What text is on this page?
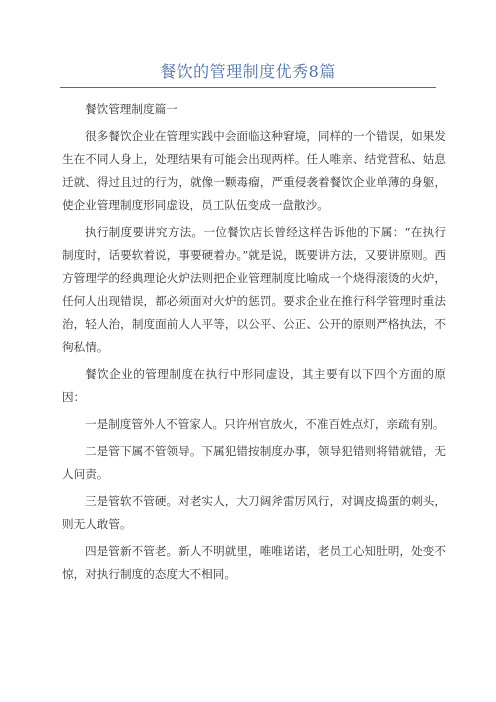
餐饮的管理制度优秀8篇

餐饮管理制度篇一

很多餐饮企业在管理实践中会面临这种窘境，同样的一个错误，如果发生在不同人身上，处理结果有可能会出现两样。任人唯亲、结党营私、姑息迁就、得过且过的行为，就像一颗毒瘤，严重侵袭着餐饮企业单薄的身躯，使企业管理制度形同虚设，员工队伍变成一盘散沙。

执行制度要讲究方法。一位餐饮店长曾经这样告诉他的下属：“在执行制度时，话要软着说，事要硬着办。”就是说，既要讲方法，又要讲原则。西方管理学的经典理论火炉法则把企业管理制度比喻成一个烧得滚烫的火炉，任何人出现错误，都必须面对火炉的惩罚。要求企业在推行科学管理时重法治，轻人治，制度面前人人平等，以公平、公正、公开的原则严格执法，不徇私情。

餐饮企业的管理制度在执行中形同虚设，其主要有以下四个方面的原因：

一是制度管外人不管家人。只许州官放火，不准百姓点灯，亲疏有别。

二是管下属不管领导。下属犯错按制度办事，领导犯错则将错就错，无人问责。

三是管软不管硬。对老实人，大刀阔斧雷厉风行，对调皮捣蛋的刺头，则无人敢管。

四是管新不管老。新人不明就里，唯唯诺诺，老员工心知肚明，处变不惊，对执行制度的态度大不相同。
